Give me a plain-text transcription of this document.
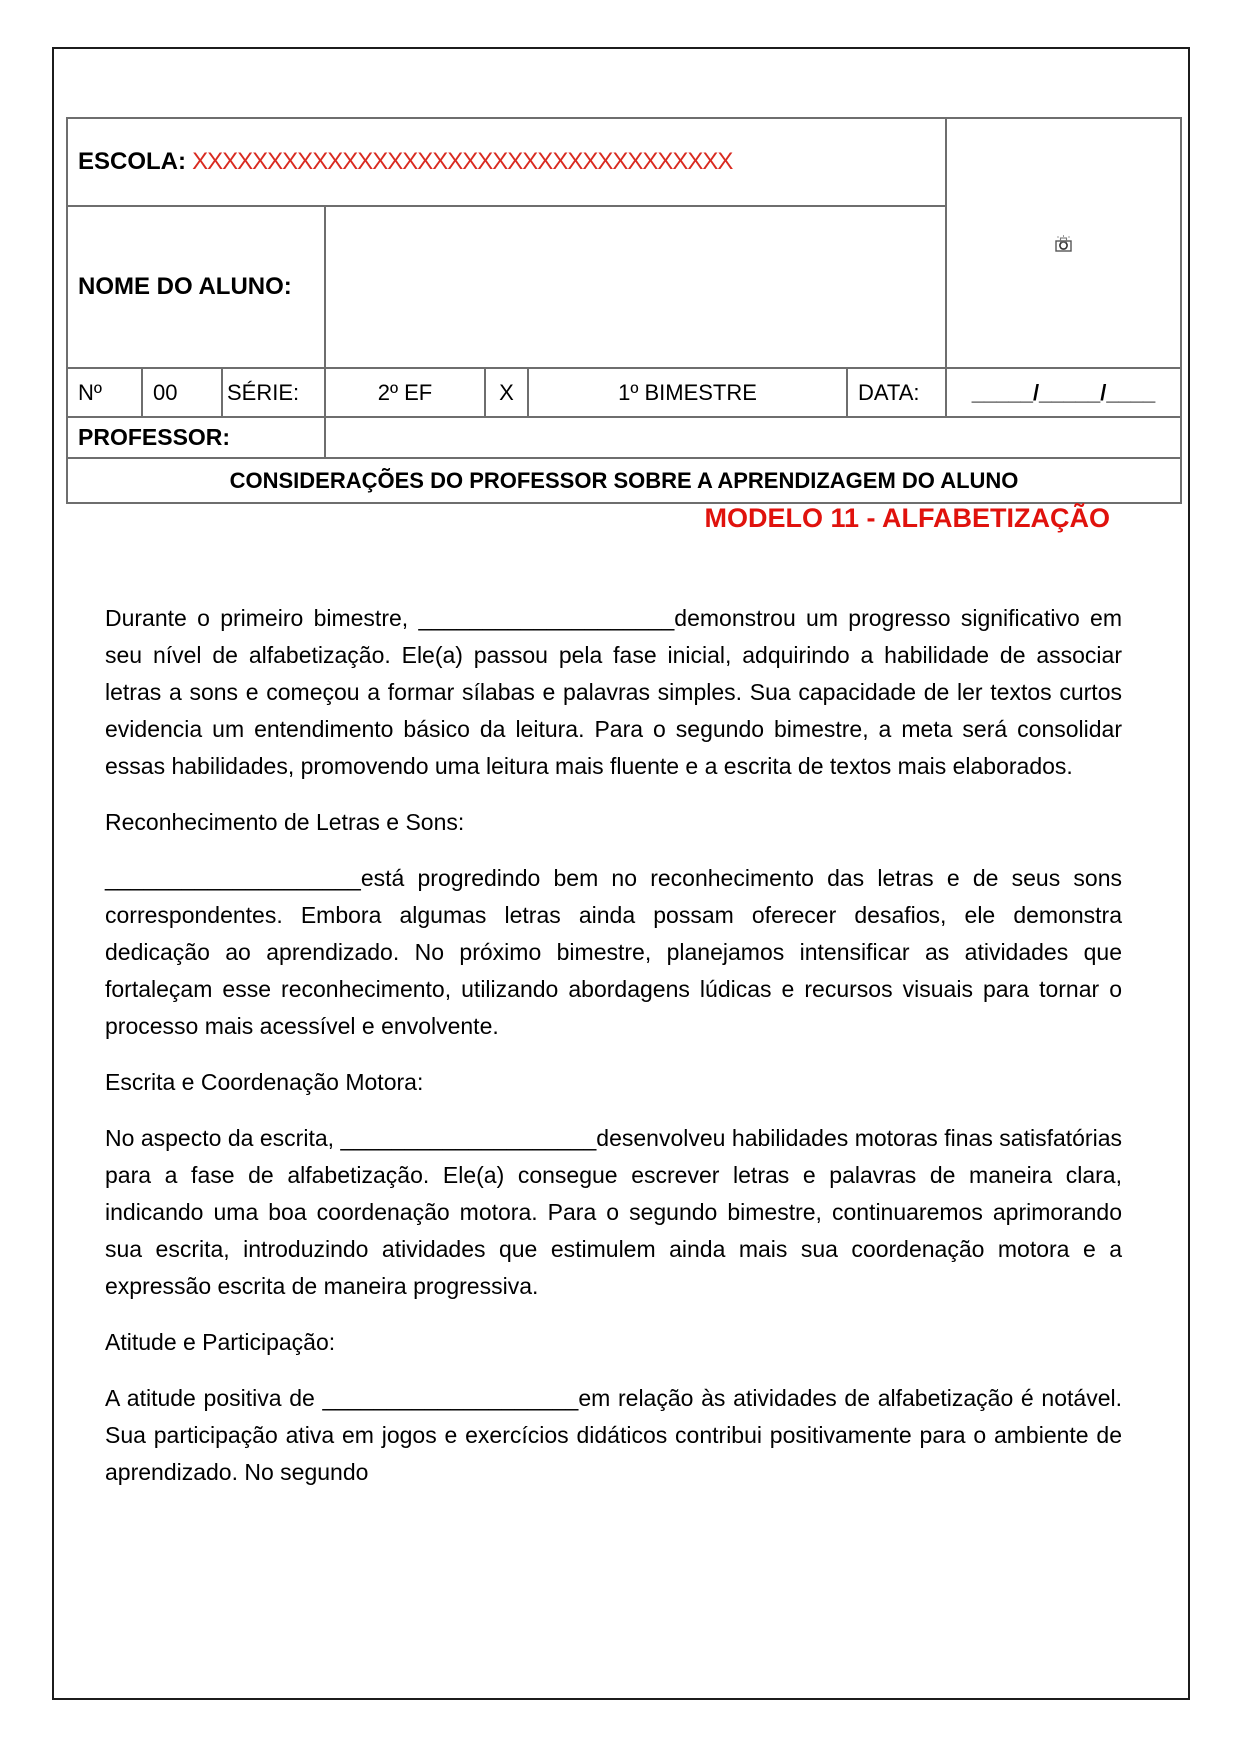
ESCOLA: XXXXXXXXXXXXXXXXXXXXXXXXXXXXXXXXXXXX	
NOME DO ALUNO:							
Nº	00	SÉRIE:	2º EF	X	1º BIMESTRE	DATA:	_____/_____/____
PROFESSOR:							
CONSIDERAÇÕES DO PROFESSOR SOBRE A APRENDIZAGEM DO ALUNO							
MODELO 11 - ALFABETIZAÇÃO

Durante o primeiro bimestre, ____________________demonstrou um progresso significativo em seu nível de alfabetização. Ele(a) passou pela fase inicial, adquirindo a habilidade de associar letras a sons e começou a formar sílabas e palavras simples. Sua capacidade de ler textos curtos evidencia um entendimento básico da leitura. Para o segundo bimestre, a meta será consolidar essas habilidades, promovendo uma leitura mais fluente e a escrita de textos mais elaborados.

Reconhecimento de Letras e Sons:

____________________está progredindo bem no reconhecimento das letras e de seus sons correspondentes. Embora algumas letras ainda possam oferecer desafios, ele demonstra dedicação ao aprendizado. No próximo bimestre, planejamos intensificar as atividades que fortaleçam esse reconhecimento, utilizando abordagens lúdicas e recursos visuais para tornar o processo mais acessível e envolvente.

Escrita e Coordenação Motora:

No aspecto da escrita, ____________________desenvolveu habilidades motoras finas satisfatórias para a fase de alfabetização. Ele(a) consegue escrever letras e palavras de maneira clara, indicando uma boa coordenação motora. Para o segundo bimestre, continuaremos aprimorando sua escrita, introduzindo atividades que estimulem ainda mais sua coordenação motora e a expressão escrita de maneira progressiva.

Atitude e Participação:

A atitude positiva de ____________________em relação às atividades de alfabetização é notável. Sua participação ativa em jogos e exercícios didáticos contribui positivamente para o ambiente de aprendizado. No segundo
